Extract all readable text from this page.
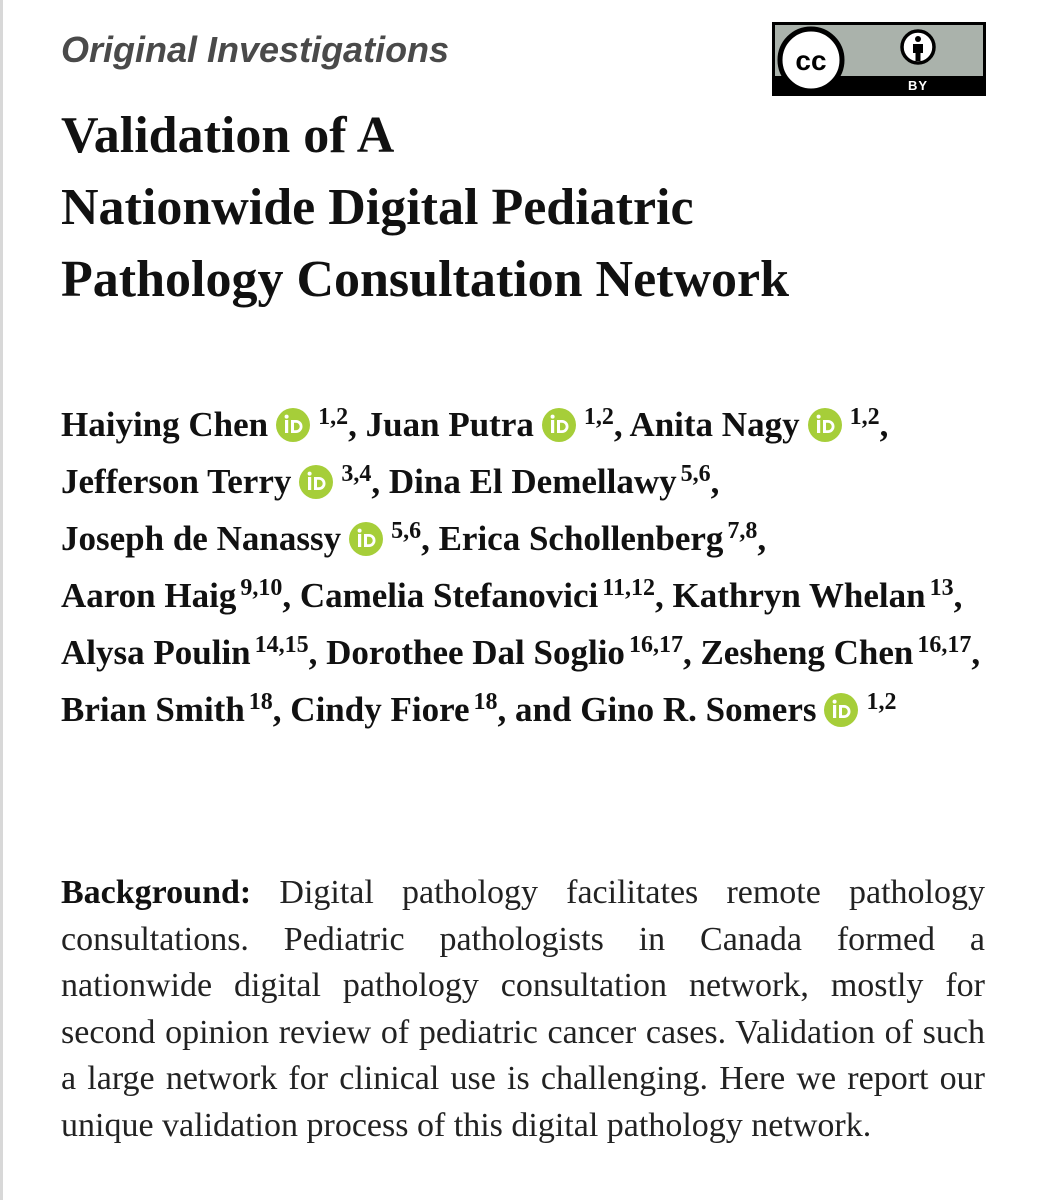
Original Investigations	cc
BY
Validation of A
Nationwide Digital Pediatric
Pathology Consultation Network

Haiying Chen $^{1,2}$, Juan Putra $^{1,2}$, Anita Nagy $^{1,2}$, Jefferson Terry $^{3,4}$, Dina El Demellawy $^{5,6}$, Joseph de Nanassy $^{5,6}$, Erica Schollenberg $^{7,8}$, Aaron Haig $^{9,10}$, Camelia Stefanovici $^{11,12}$, Kathryn Whelan $^{13}$, Alysa Poulin $^{14,15}$, Dorothee Dal Soglio $^{16,17}$, Zesheng Chen $^{16,17}$, Brian Smith $^{18}$, Cindy Fiore $^{18}$, and Gino R. Somers $^{1,2}$

Background: Digital pathology facilitates remote pathology consultations. Pediatric pathologists in Canada formed a nationwide digital pathology consultation network, mostly for second opinion review of pediatric cancer cases. Validation of such a large network for clinical use is challenging. Here we report our unique validation process of this digital pathology network.
